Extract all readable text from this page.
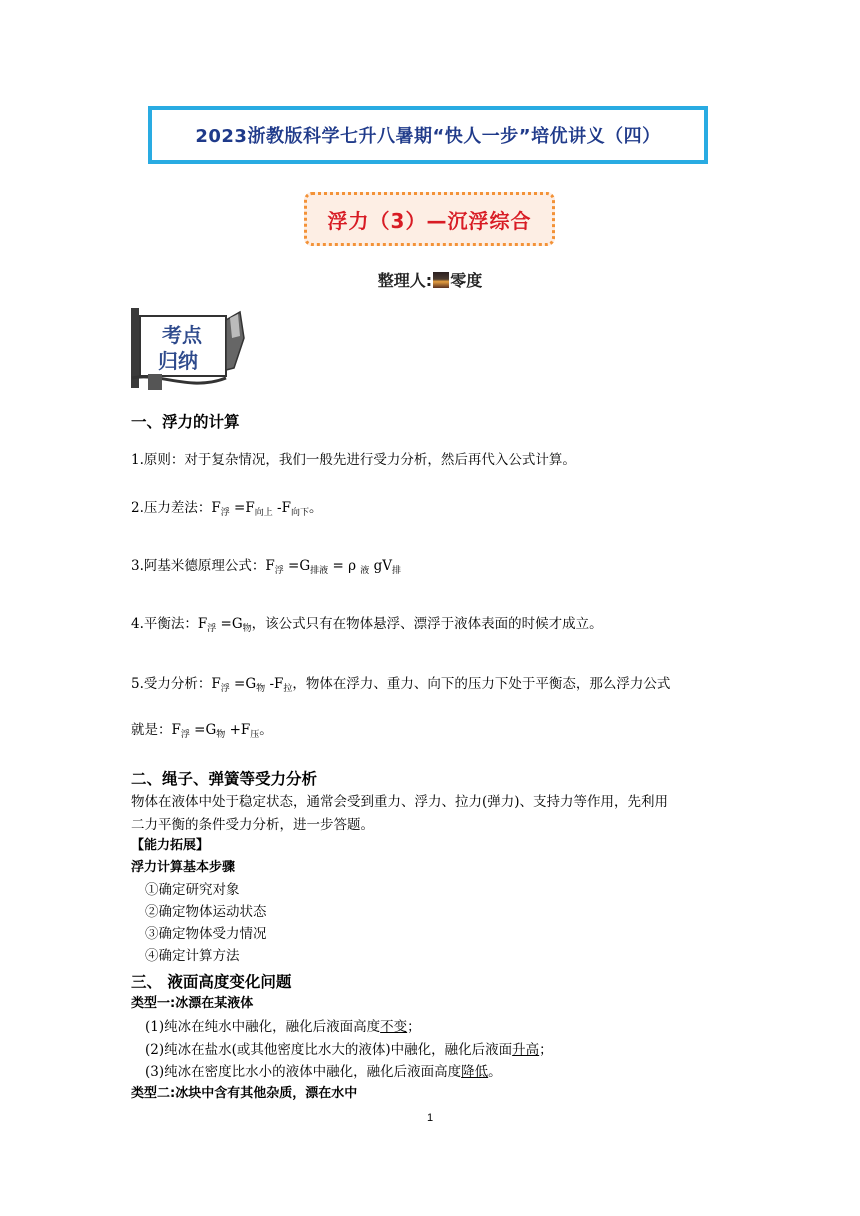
2023浙教版科学七升八暑期“快人一步”培优讲义（四）
浮力（3）—沉浮综合
整理人: 零度
考点
归纳
一、浮力的计算
1.原则：对于复杂情况，我们一般先进行受力分析，然后再代入公式计算。
2.压力差法：$F_浮 =F_{向上}$ $-F_{向下}$。
3.阿基米德原理公式：$F_浮 =G_{排液} = \rho$ $_液$ $gV_排$
4.平衡法：$F_浮 =G_物$，该公式只有在物体悬浮、漂浮于液体表面的时候才成立。
5.受力分析：$F_浮 =G_物$ $-F_拉$，物体在浮力、重力、向下的压力下处于平衡态，那么浮力公式
就是：$F_浮 =G_物 +F_压$。
二、绳子、弹簧等受力分析
物体在液体中处于稳定状态，通常会受到重力、浮力、拉力(弹力)、支持力等作用，先利用
二力平衡的条件受力分析，进一步答题。
【能力拓展】
浮力计算基本步骤
①确定研究对象
②确定物体运动状态
③确定物体受力情况
④确定计算方法
三、 液面高度变化问题
类型一:冰漂在某液体
(1)纯冰在纯水中融化，融化后液面高度不变；
(2)纯冰在盐水(或其他密度比水大的液体)中融化，融化后液面升高；
(3)纯冰在密度比水小的液体中融化，融化后液面高度降低。
类型二:冰块中含有其他杂质，漂在水中
1
